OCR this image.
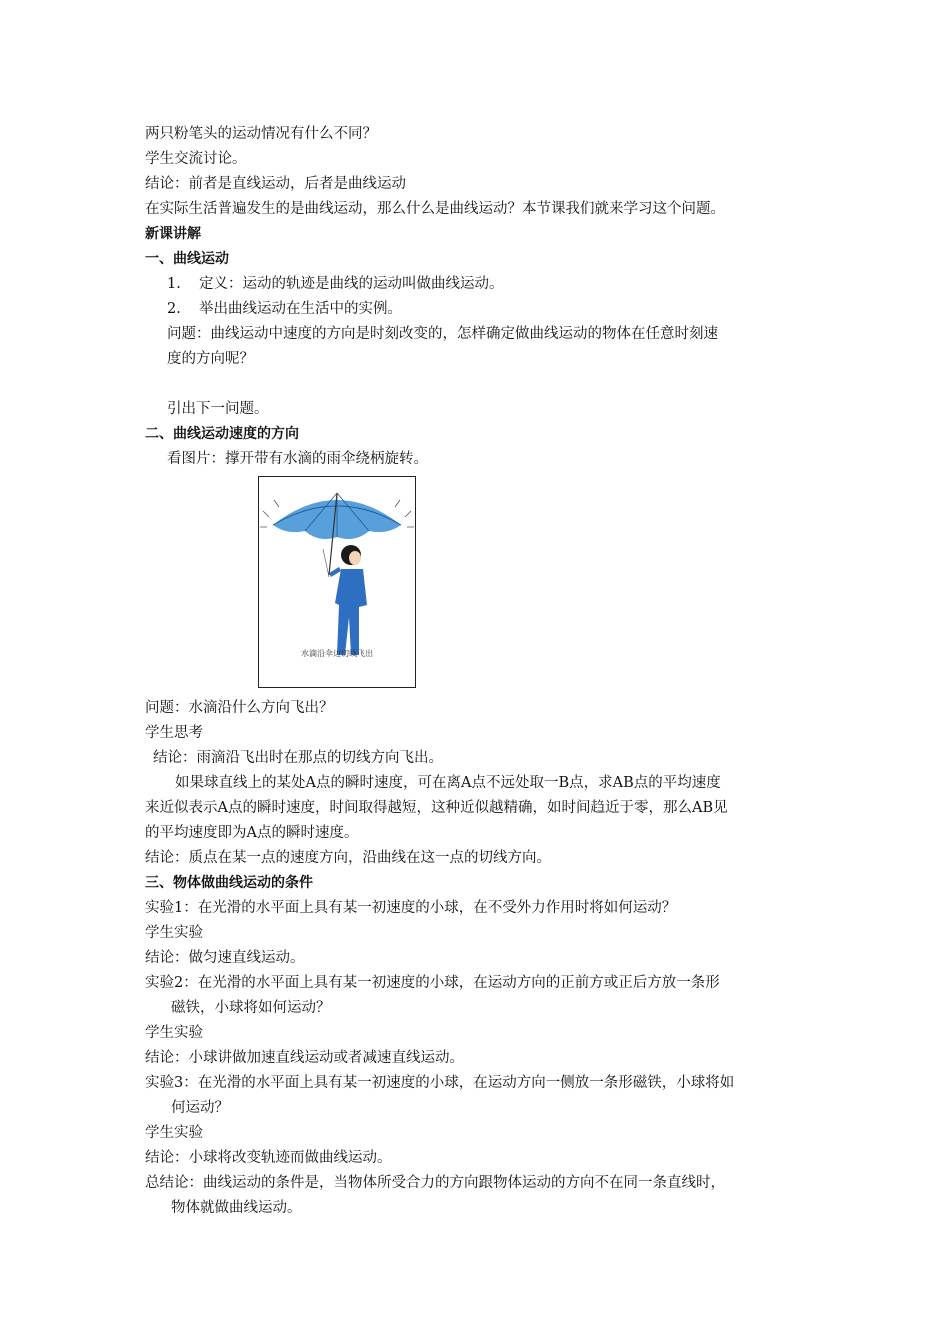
两只粉笔头的运动情况有什么不同？

学生交流讨论。

结论：前者是直线运动，后者是曲线运动

在实际生活普遍发生的是曲线运动，那么什么是曲线运动？本节课我们就来学习这个问题。

新课讲解

一、曲线运动

1. 定义：运动的轨迹是曲线的运动叫做曲线运动。

2. 举出曲线运动在生活中的实例。

问题：曲线运动中速度的方向是时刻改变的，怎样确定做曲线运动的物体在任意时刻速

度的方向呢？

引出下一问题。

二、曲线运动速度的方向

看图片：撑开带有水滴的雨伞绕柄旋转。

水滴沿伞边切线飞出

问题：水滴沿什么方向飞出？

学生思考

结论：雨滴沿飞出时在那点的切线方向飞出。

如果球直线上的某处A点的瞬时速度，可在离A点不远处取一B点，求AB点的平均速度

来近似表示A点的瞬时速度，时间取得越短，这种近似越精确，如时间趋近于零，那么AB见

的平均速度即为A点的瞬时速度。

结论：质点在某一点的速度方向，沿曲线在这一点的切线方向。

三、物体做曲线运动的条件

实验1：在光滑的水平面上具有某一初速度的小球，在不受外力作用时将如何运动？

学生实验

结论：做匀速直线运动。

实验2：在光滑的水平面上具有某一初速度的小球，在运动方向的正前方或正后方放一条形

磁铁，小球将如何运动？

学生实验

结论：小球讲做加速直线运动或者减速直线运动。

实验3：在光滑的水平面上具有某一初速度的小球，在运动方向一侧放一条形磁铁，小球将如

何运动？

学生实验

结论：小球将改变轨迹而做曲线运动。

总结论：曲线运动的条件是，当物体所受合力的方向跟物体运动的方向不在同一条直线时，

物体就做曲线运动。
